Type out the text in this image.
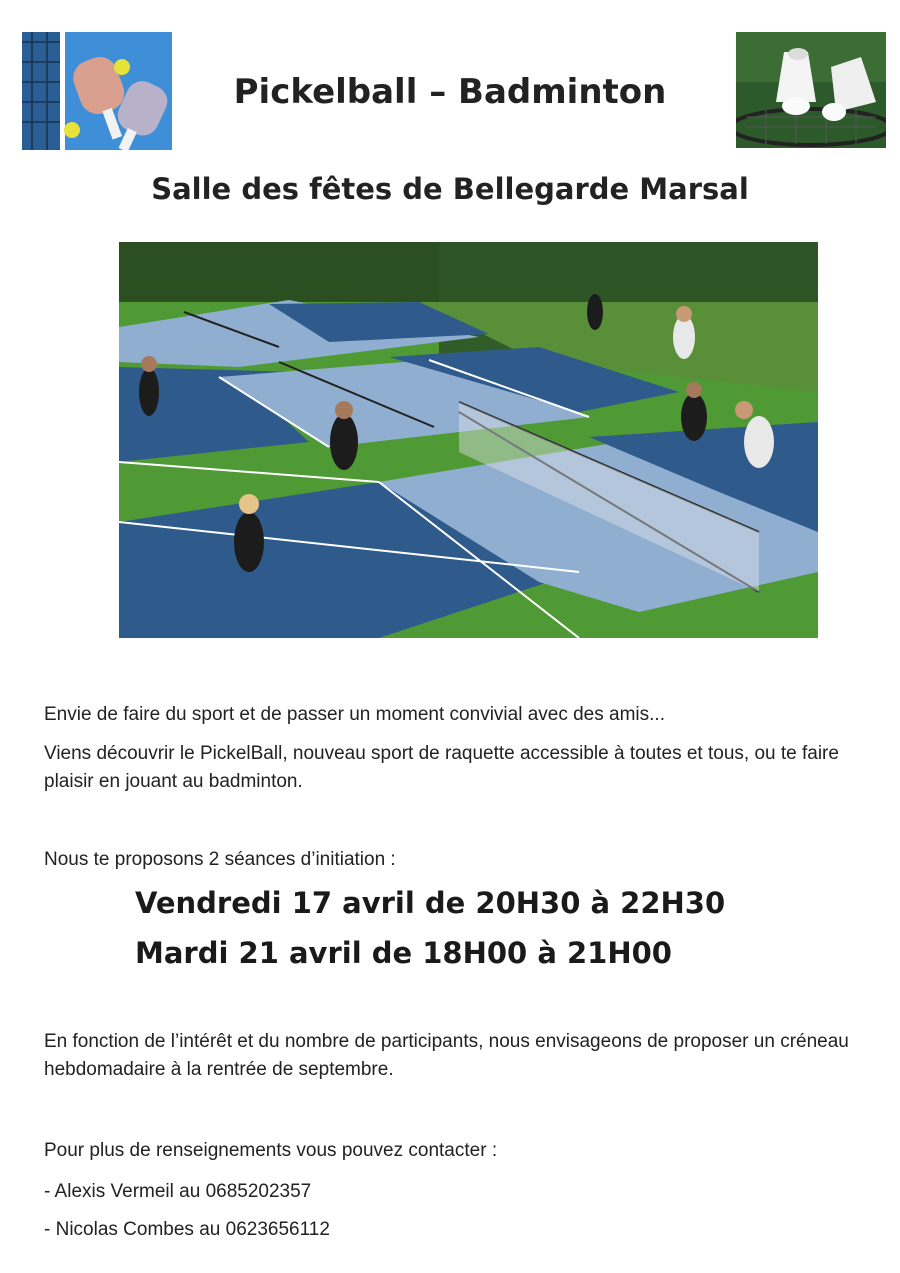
Pickelball – Badminton
Salle des fêtes de Bellegarde Marsal
Envie de faire du sport et de passer un moment convivial avec des amis...
Viens découvrir le PickelBall, nouveau sport de raquette accessible à toutes et tous, ou te faire plaisir en jouant au badminton.
Nous te proposons 2 séances d’initiation :
Vendredi 17 avril de 20H30 à 22H30
Mardi 21 avril de 18H00 à 21H00
En fonction de l’intérêt et du nombre de participants, nous envisageons de proposer un créneau hebdomadaire à la rentrée de septembre.
Pour plus de renseignements vous pouvez contacter :
- Alexis Vermeil au 0685202357
- Nicolas Combes au 0623656112
